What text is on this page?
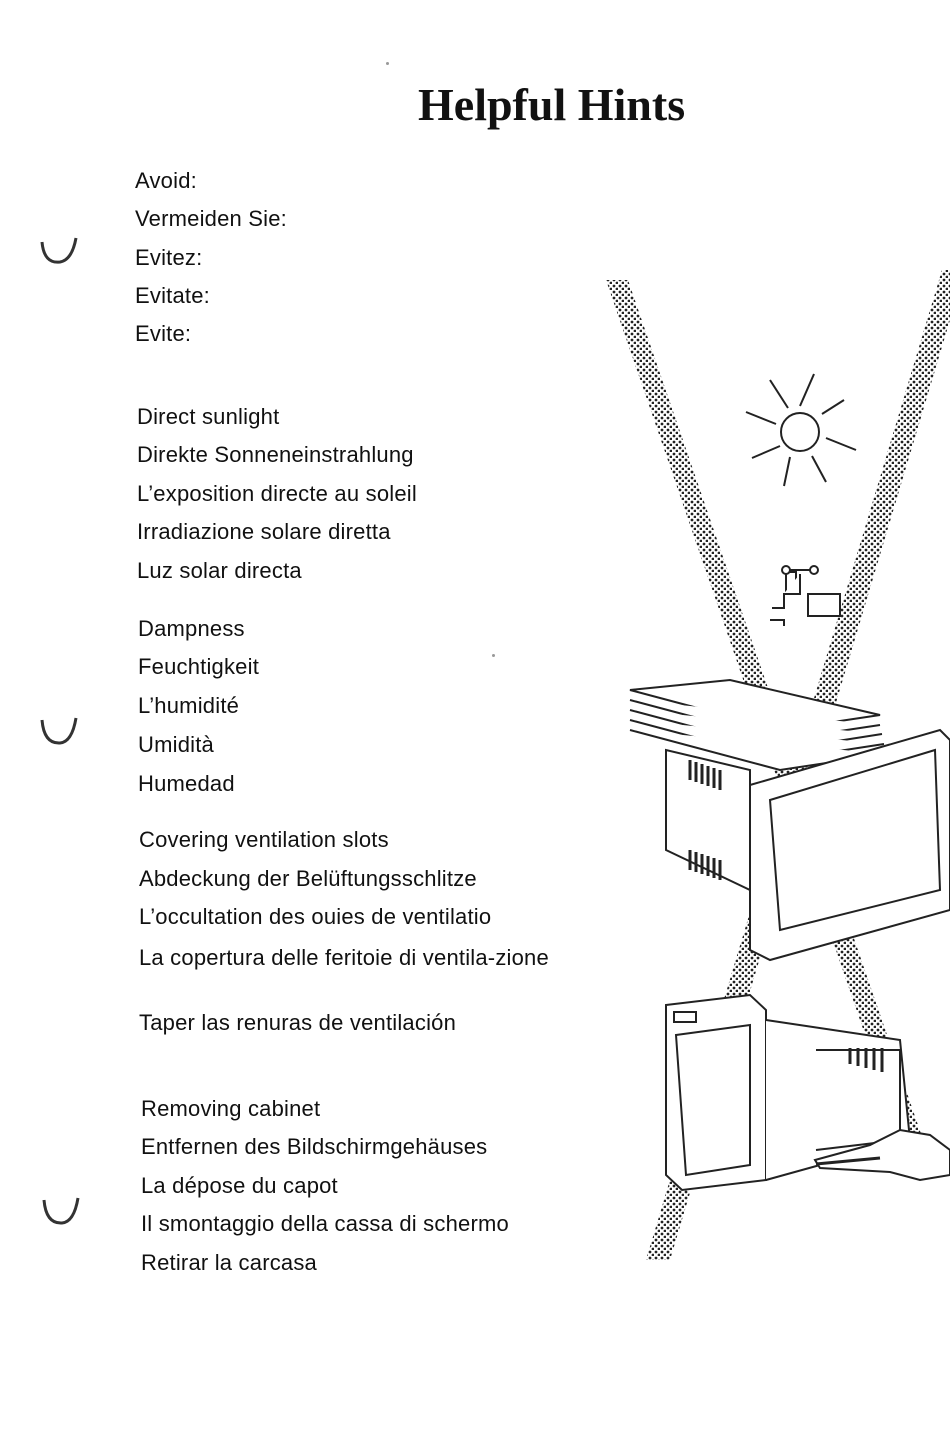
Helpful Hints
Avoid:
Vermeiden Sie:
Evitez:
Evitate:
Evite:
Direct sunlight
Direkte Sonneneinstrahlung
L’exposition directe au soleil
Irradiazione solare diretta
Luz solar directa
Dampness
Feuchtigkeit
L’humidité
Umidità
Humedad
Covering ventilation slots
Abdeckung der Belüftungsschlitze
L’occultation des ouies de ventilatio
La copertura delle feritoie di ventila-zione
Taper las renuras de ventilación
Removing cabinet
Entfernen des Bildschirmgehäuses
La dépose du capot
Il smontaggio della cassa di schermo
Retirar la carcasa
